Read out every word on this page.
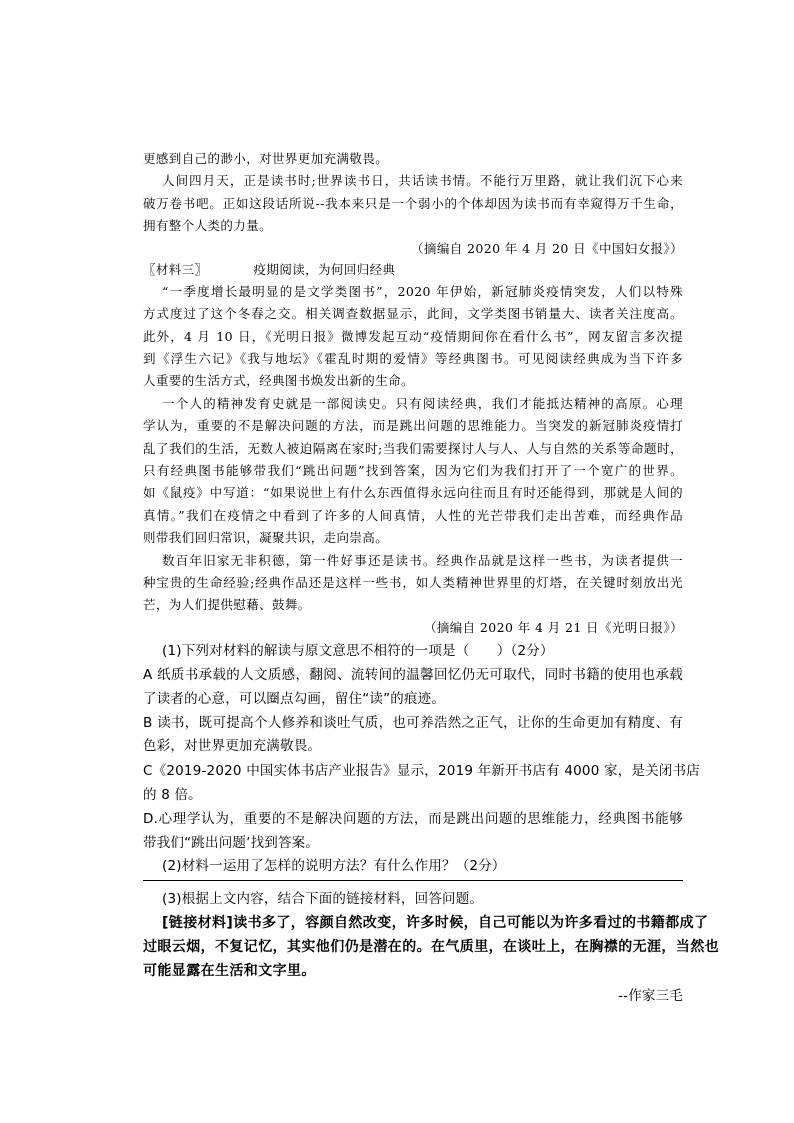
更感到自己的渺小，对世界更加充满敬畏。
人间四月天，正是读书时;世界读书日，共话读书情。不能行万里路，就让我们沉下心来
破万卷书吧。正如这段话所说--我本来只是一个弱小的个体却因为读书而有幸窥得万千生命，
拥有整个人类的力量。
（摘编自 2020 年 4 月 20 日《中国妇女报》）
〖材料三〗	疫期阅读，为何回归经典
“一季度增长最明显的是文学类图书”，2020 年伊始，新冠肺炎疫情突发，人们以特殊
方式度过了这个冬春之交。相关调查数据显示，此间，文学类图书销量大、读者关注度高。
此外，4 月 10 日，《光明日报》微博发起互动“疫情期间你在看什么书”，网友留言多次提
到《浮生六记》《我与地坛》《霍乱时期的爱情》等经典图书。可见阅读经典成为当下许多
人重要的生活方式，经典图书焕发出新的生命。
一个人的精神发育史就是一部阅读史。只有阅读经典，我们才能抵达精神的高原。心理
学认为，重要的不是解决问题的方法，而是跳出问题的思维能力。当突发的新冠肺炎疫情打
乱了我们的生活，无数人被迫隔离在家时;当我们需要探讨人与人、人与自然的关系等命题时，
只有经典图书能够带我们“跳出问题”找到答案，因为它们为我们打开了一个宽广的世界。
如《鼠疫》中写道：“如果说世上有什么东西值得永远向往而且有时还能得到，那就是人间的
真情。”我们在疫情之中看到了许多的人间真情，人性的光芒带我们走出苦难，而经典作品
则带我们回归常识，凝聚共识，走向崇高。
数百年旧家无非积德，第一件好事还是读书。经典作品就是这样一些书，为读者提供一
种宝贵的生命经验;经典作品还是这样一些书，如人类精神世界里的灯塔，在关键时刻放出光
芒，为人们提供慰藉、鼓舞。
（摘编自 2020 年 4 月 21 日《光明日报》）
(1)下列对材料的解读与原文意思不相符的一项是（　　）（2分）
A 纸质书承载的人文质感，翻阅、流转间的温馨回忆仍无可取代，同时书籍的使用也承载
了读者的心意，可以圈点勾画，留住“读”的痕迹。
B 读书，既可提高个人修养和谈吐气质，也可养浩然之正气，让你的生命更加有精度、有
色彩，对世界更加充满敬畏。
C《2019-2020 中国实体书店产业报告》显示，2019 年新开书店有 4000 家，是关闭书店
的 8 倍。
D.心理学认为，重要的不是解决问题的方法，而是跳出问题的思维能力，经典图书能够
带我们“跳出问题’找到答案。
(2)材料一运用了怎样的说明方法？有什么作用？（2分）
(3)根据上文内容，结合下面的链接材料，回答问题。
[链接材料]读书多了，容颜自然改变，许多时候，自己可能以为许多看过的书籍都成了
过眼云烟，不复记忆，其实他们仍是潜在的。在气质里，在谈吐上，在胸襟的无涯，当然也
可能显露在生活和文字里。
--作家三毛
